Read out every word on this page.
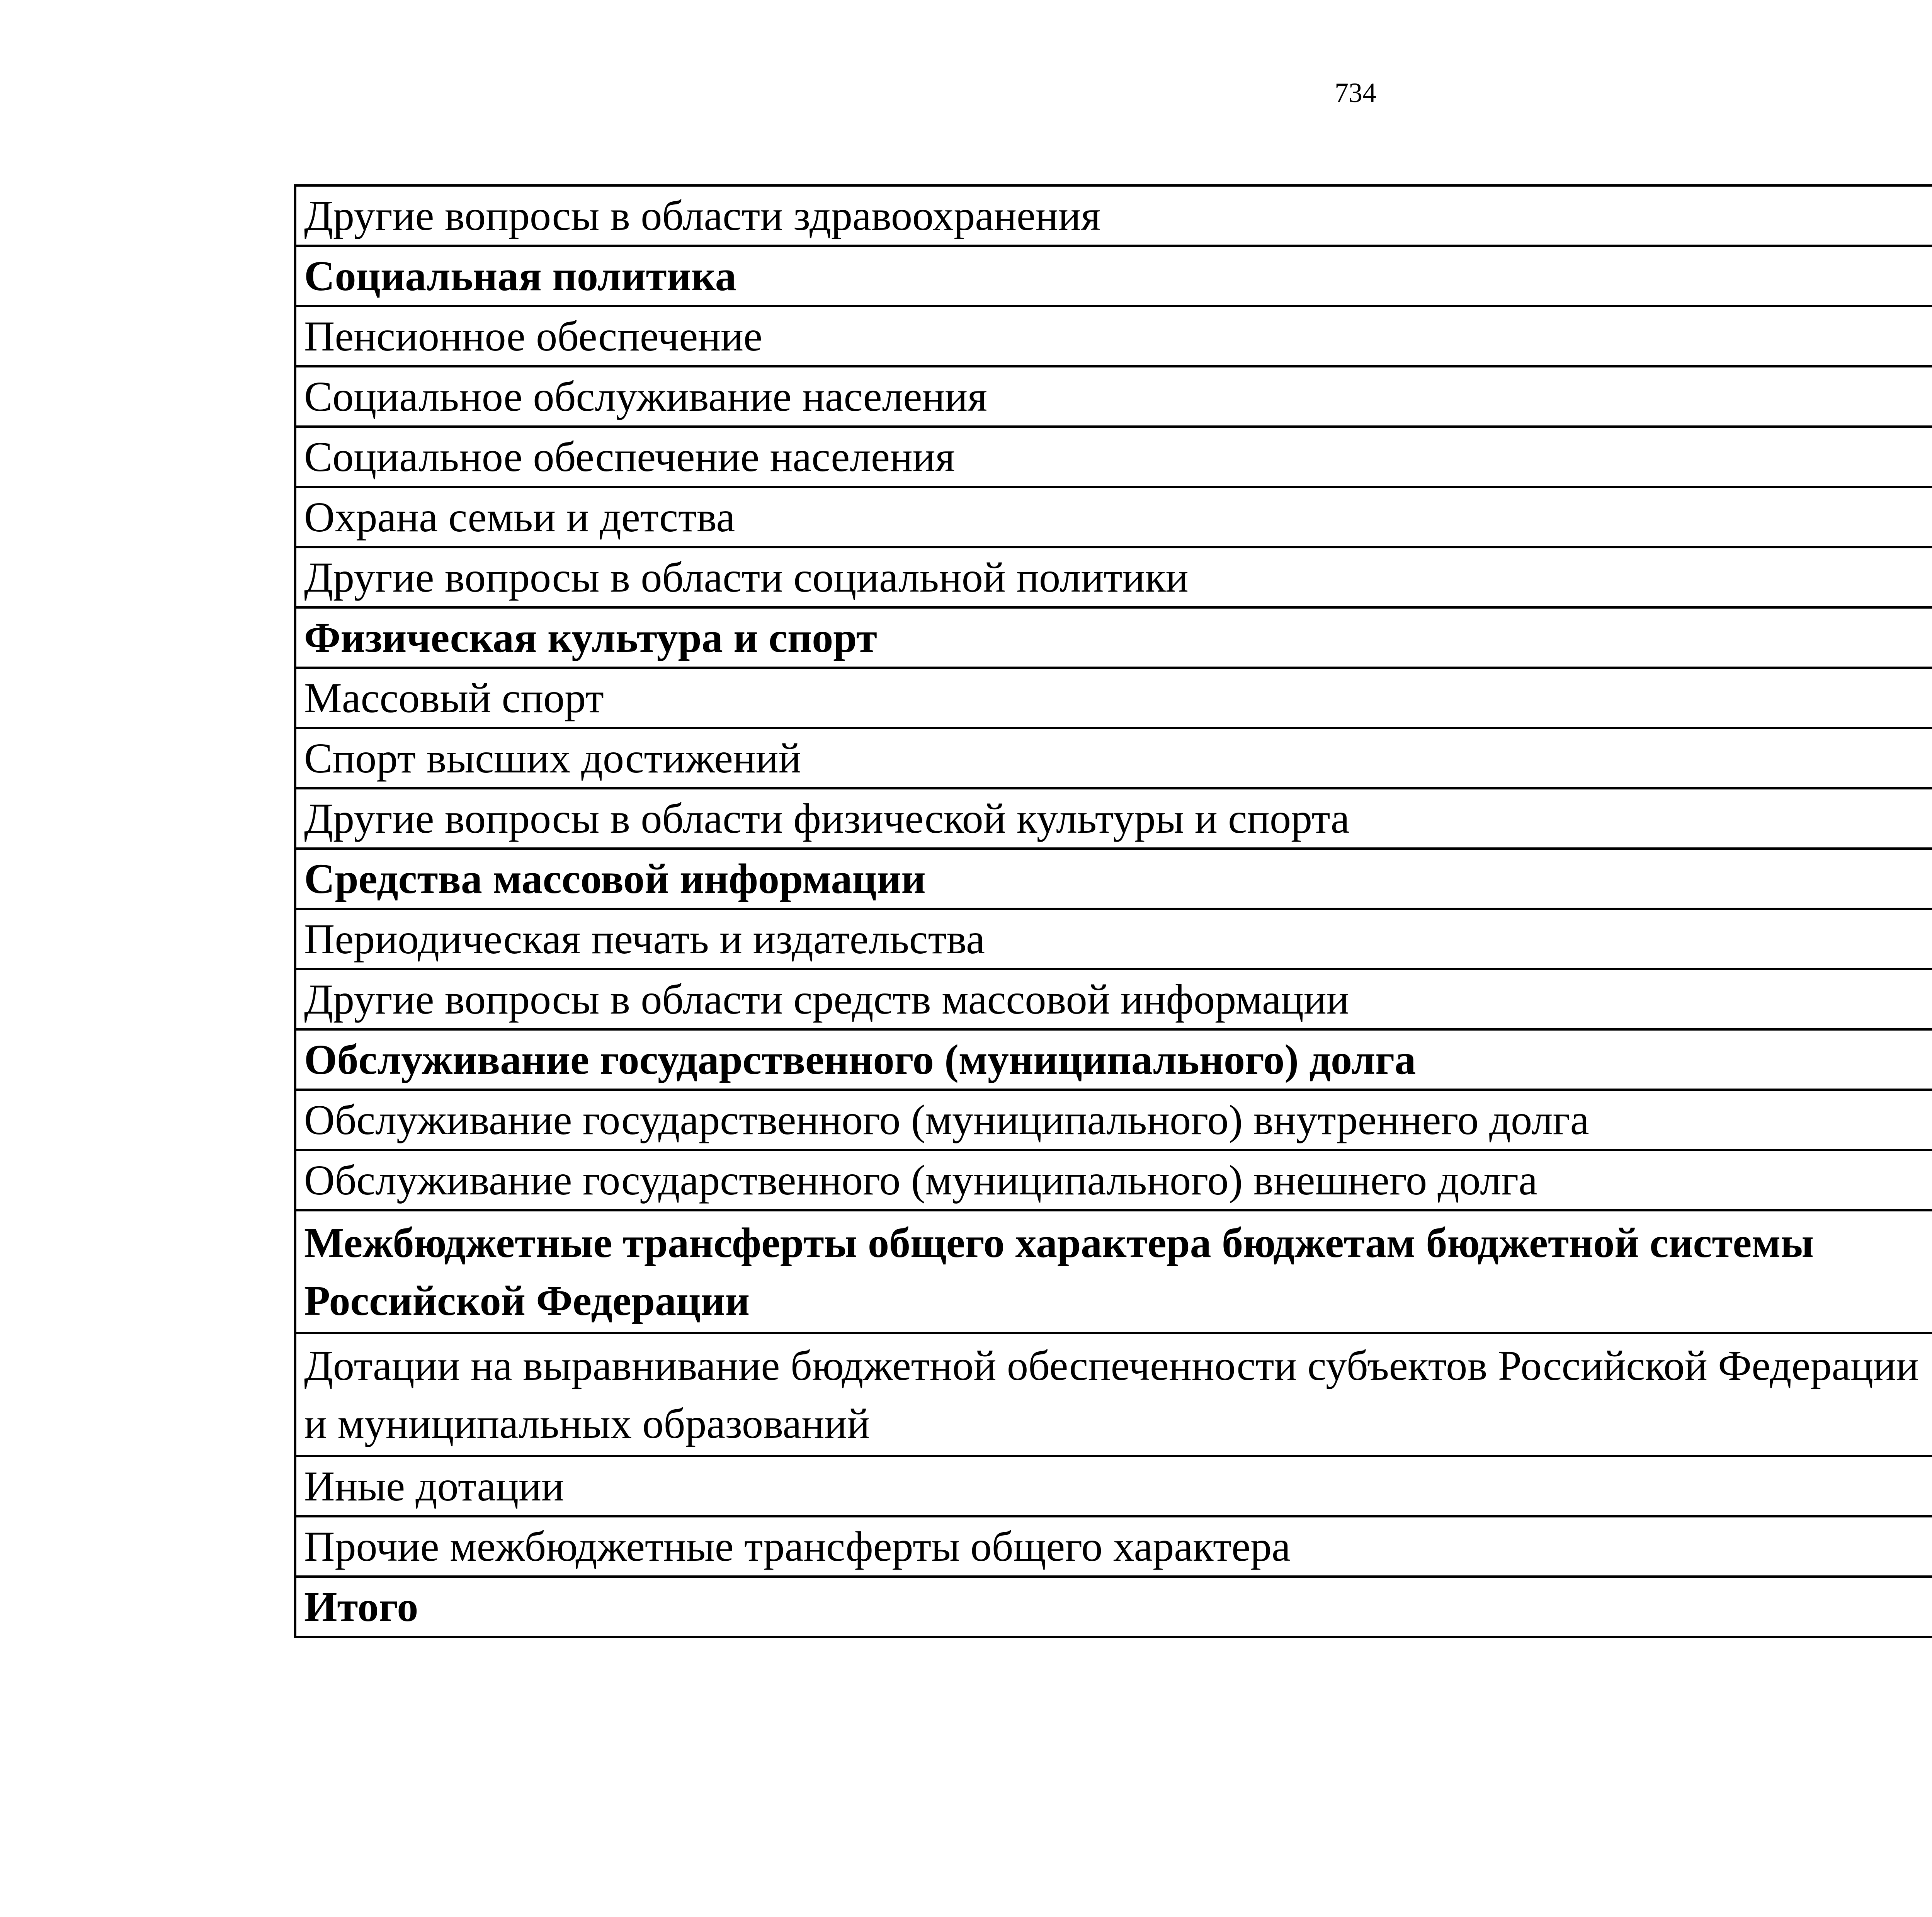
734
Другие вопросы в области здравоохранения		
Социальная политика		
Пенсионное обеспечение		
Социальное обслуживание населения		
Социальное обеспечение населения		
Охрана семьи и детства		
Другие вопросы в области социальной политики		
Физическая культура и спорт		
Массовый спорт		
Спорт высших достижений		
Другие вопросы в области физической культуры и спорта		
Средства массовой информации		
Периодическая печать и издательства		
Другие вопросы в области средств массовой информации		
Обслуживание государственного (муниципального) долга		
Обслуживание государственного (муниципального) внутреннего долга		
Обслуживание государственного (муниципального) внешнего долга		
Межбюджетные трансферты общего характера бюджетам бюджетной системы Российской Федерации		
Дотации на выравнивание бюджетной обеспеченности субъектов Российской Федерации и муниципальных образований		
Иные дотации		
Прочие межбюджетные трансферты общего характера		
Итого	
